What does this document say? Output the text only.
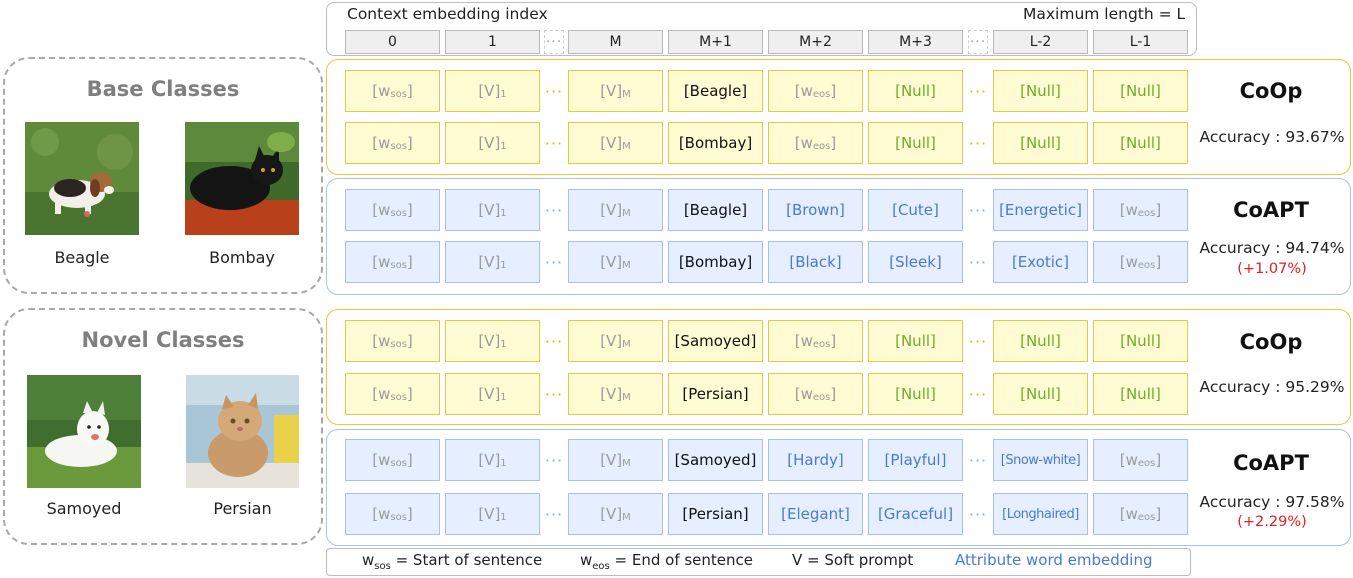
Context embedding index	Maximum length = L
0	1	···	M	M+1	M+2	M+3	···	L-2	L-1
Base Classes
Beagle	Bombay
Novel Classes
Samoyed	Persian
[$w_{sos}$ ]	$[V]_1$	···	$[V]_M$	[Beagle]	[$w_{eos}$ ]	[Null]	···	[Null]	[Null]
[$w_{sos}$ ]	$[V]_1$	···	$[V]_M$	[Bombay]	[$w_{eos}$ ]	[Null]	···	[Null]	[Null]
CoOp
Accuracy : 93.67%
[$w_{sos}$ ]	$[V]_1$	···	$[V]_M$	[Beagle]	[Brown]	[Cute]	··· [Energetic]	[$w_{eos}$ ]
[$w_{sos}$ ]	$[V]_1$	···	$[V]_M$	[Bombay]	[Black]	[Sleek]	···	[Exotic]	[$w_{eos}$ ]
CoAPT
Accuracy : 94.74%
(+1.07%)
[$w_{sos}$ ]	$[V]_1$	···	$[V]_M$	[Samoyed]	[$w_{eos}$ ]	[Null]	···	[Null]	[Null]
[$w_{sos}$ ]	$[V]_1$	···	$[V]_M$	[Persian]	[$w_{eos}$ ]	[Null]	···	[Null]	[Null]
CoOp
Accuracy : 95.29%
[$w_{sos}$ ]	$[V]_1$	···	$[V]_M$	[Samoyed]	[Hardy]	[Playful]	···	[Snow-white]	[$w_{eos}$ ]
[$w_{sos}$ ]	$[V]_1$	···	$[V]_M$	[Persian]	[Elegant]	[Graceful] ···	[Longhaired]	[$w_{eos}$ ]
CoAPT
Accuracy : 97.58%
(+2.29%)
$w_{sos}$ = Start of sentence	$w_{eos}$ = End of sentence	V = Soft prompt	Attribute word embedding
